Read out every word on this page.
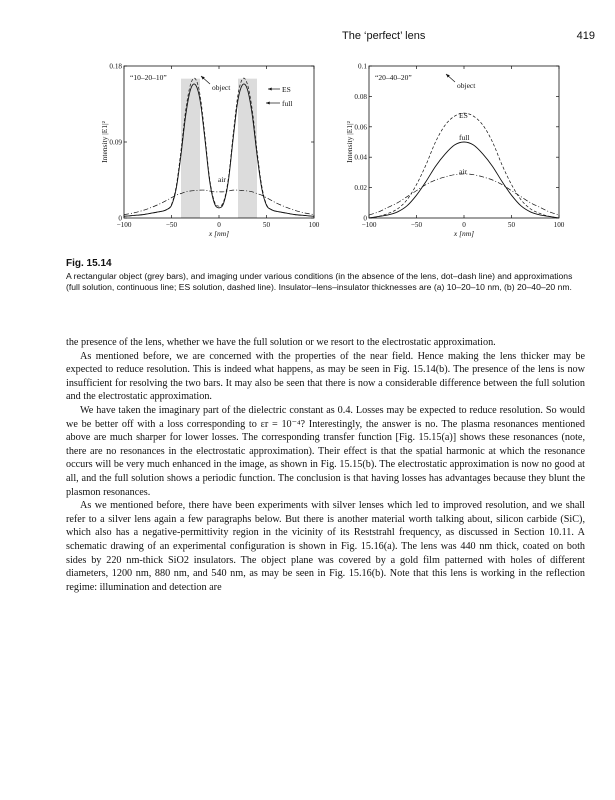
The ‘perfect’ lens	419
−100	−50	0	50	100
0
0.09
0.18
x [nm]
Intensity |E1|²
“10–20–10”
object	ES
full
air
−100	−50	0	50	100
0
0.02
0.04
0.06
0.08
0.1
x [nm]
Intensity |E1|²
“20–40–20”
object
ES
full
air
Fig. 15.14
A rectangular object (grey bars), and imaging under various conditions (in the absence of the lens, dot–dash line) and approximations (full solution, continuous line; ES solution, dashed line). Insulator–lens–insulator thicknesses are (a) 10–20–10 nm, (b) 20–40–20 nm.

the presence of the lens, whether we have the full solution or we resort to the electrostatic approximation.

As mentioned before, we are concerned with the properties of the near field. Hence making the lens thicker may be expected to reduce resolution. This is indeed what happens, as may be seen in Fig. 15.14(b). The presence of the lens is now insufficient for resolving the two bars. It may also be seen that there is now a considerable difference between the full solution and the electrostatic approximation.

We have taken the imaginary part of the dielectric constant as 0.4. Losses may be expected to reduce resolution. So would we be better off with a loss corresponding to εr = 10⁻⁴? Interestingly, the answer is no. The plasma resonances mentioned above are much sharper for lower losses. The corresponding transfer function [Fig. 15.15(a)] shows these resonances (note, there are no resonances in the electrostatic approximation). Their effect is that the spatial harmonic at which the resonance occurs will be very much enhanced in the image, as shown in Fig. 15.15(b). The electrostatic approximation is now no good at all, and the full solution shows a periodic function. The conclusion is that having losses has advantages because they blunt the plasmon resonances.

As we mentioned before, there have been experiments with silver lenses which led to improved resolution, and we shall refer to a silver lens again a few paragraphs below. But there is another material worth talking about, silicon carbide (SiC), which also has a negative-permittivity region in the vicinity of its Reststrahl frequency, as discussed in Section 10.11. A schematic drawing of an experimental configuration is shown in Fig. 15.16(a). The lens was 440 nm thick, coated on both sides by 220 nm-thick SiO2 insulators. The object plane was covered by a gold film patterned with holes of different diameters, 1200 nm, 880 nm, and 540 nm, as may be seen in Fig. 15.16(b). Note that this lens is working in the reflection regime: illumination and detection are
